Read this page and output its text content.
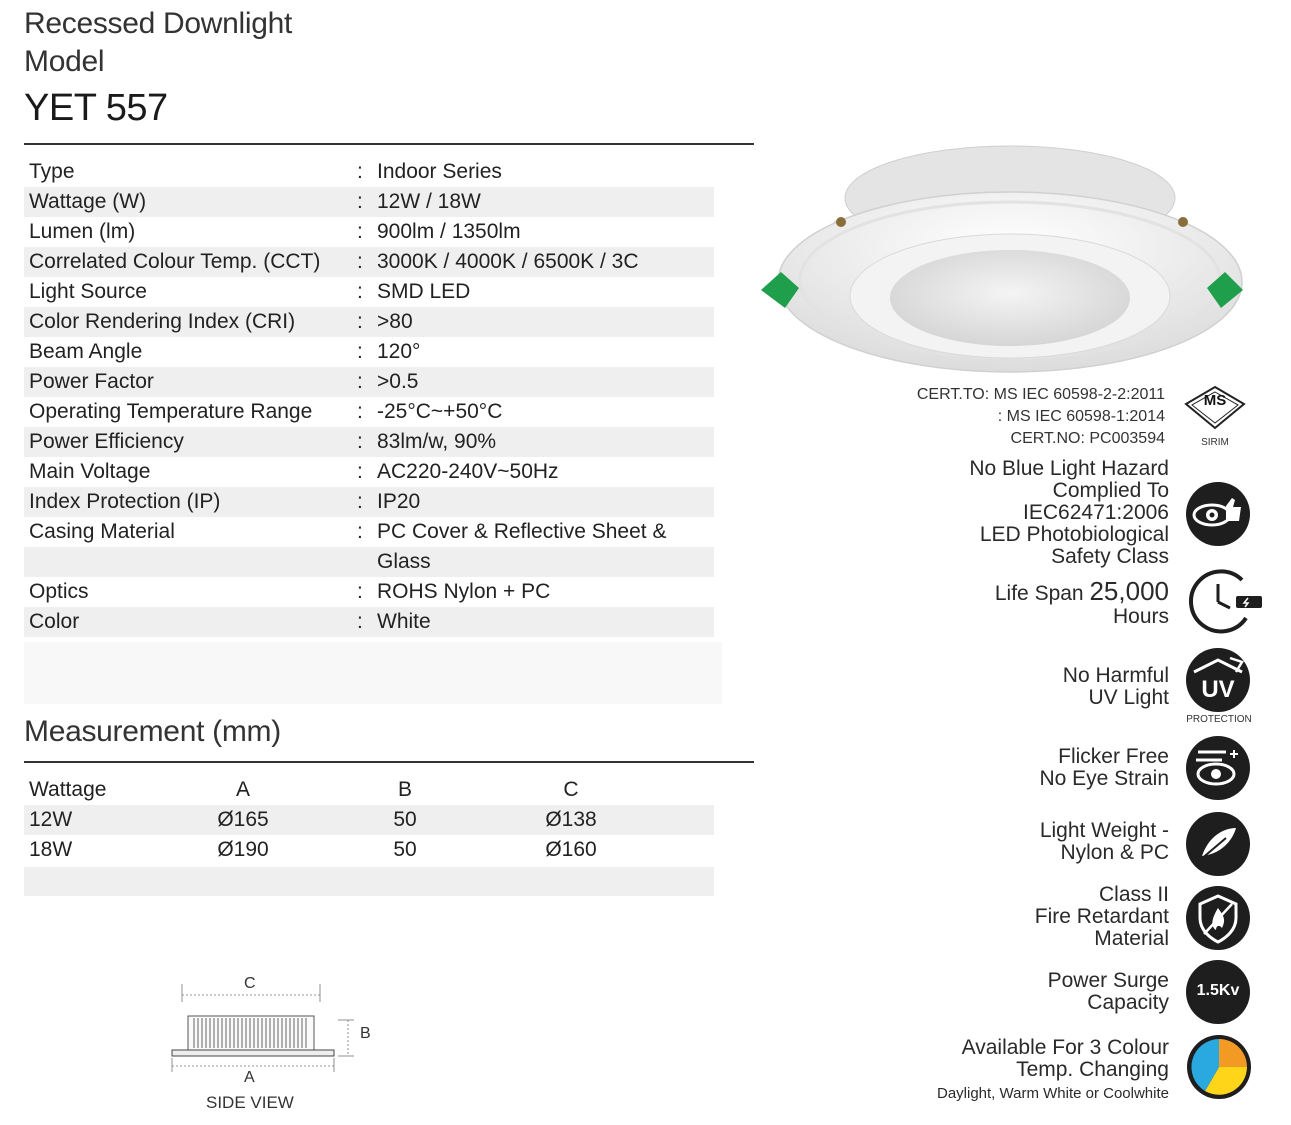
Recessed Downlight
Model
YET 557
Type	: Indoor Series
Wattage (W)	: 12W / 18W
Lumen (lm)	: 900lm / 1350lm
Correlated Colour Temp. (CCT) : 3000K / 4000K / 6500K / 3C
Light Source	: SMD LED
Color Rendering Index (CRI)	: >80
Beam Angle	: 120°
Power Factor	: >0.5
Operating Temperature Range : -25°C~+50°C
Power Efficiency	: 83lm/w, 90%
Main Voltage	: AC220-240V~50Hz
Index Protection (IP)	: IP20
Casing Material	: PC Cover & Reflective Sheet & Glass
Optics	: ROHS Nylon + PC
Color	: White
Measurement (mm)
Wattage	A	B	C
12W	Ø165	50	Ø138
18W	Ø190	50	Ø160
C
B
A
SIDE VIEW
CERT.TO: MS IEC 60598-2-2:2011
: MS IEC 60598-1:2014
CERT.NO: PC003594
MS
SIRIM
No Blue Light Hazard
Complied To
IEC62471:2006
LED Photobiological
Safety Class
Life Span 25,000
Hours
No Harmful
UV Light	UV
PROTECTION
Flicker Free
No Eye Strain
Light Weight -
Nylon & PC
Class II
Fire Retardant
Material
Power Surge
Capacity
1.5Kv
Available For 3 Colour
Temp. Changing
Daylight, Warm White or Coolwhite
